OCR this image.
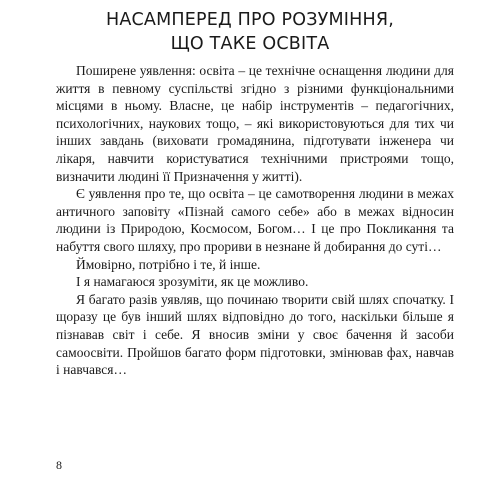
НАСАМПЕРЕД ПРО РОЗУМІННЯ,
ЩО ТАКЕ ОСВІТА

Поширене уявлення: освіта – це технічне оснащення людини для життя в певному суспільстві згідно з різними функціональними місцями в ньому. Власне, це набір інструментів – педагогічних, психологічних, наукових тощо, – які використовуються для тих чи інших завдань (виховати громадянина, підготувати інженера чи лікаря, навчити користуватися технічними пристроями тощо, визначити людині її Призначення у житті).

Є уявлення про те, що освіта – це самотворення людини в межах античного заповіту «Пізнай самого себе» або в межах відносин людини із Природою, Космосом, Богом… І це про Покликання та набуття свого шляху, про прориви в незнане й добирання до суті…

Ймовірно, потрібно і те, й інше.

І я намагаюся зрозуміти, як це можливо.

Я багато разів уявляв, що починаю творити свій шлях спочатку. І щоразу це був інший шлях відповідно до того, наскільки більше я пізнавав світ і себе. Я вносив зміни у своє бачення й засоби самоосвіти. Пройшов багато форм підготовки, змінював фах, навчав і навчався…

8
